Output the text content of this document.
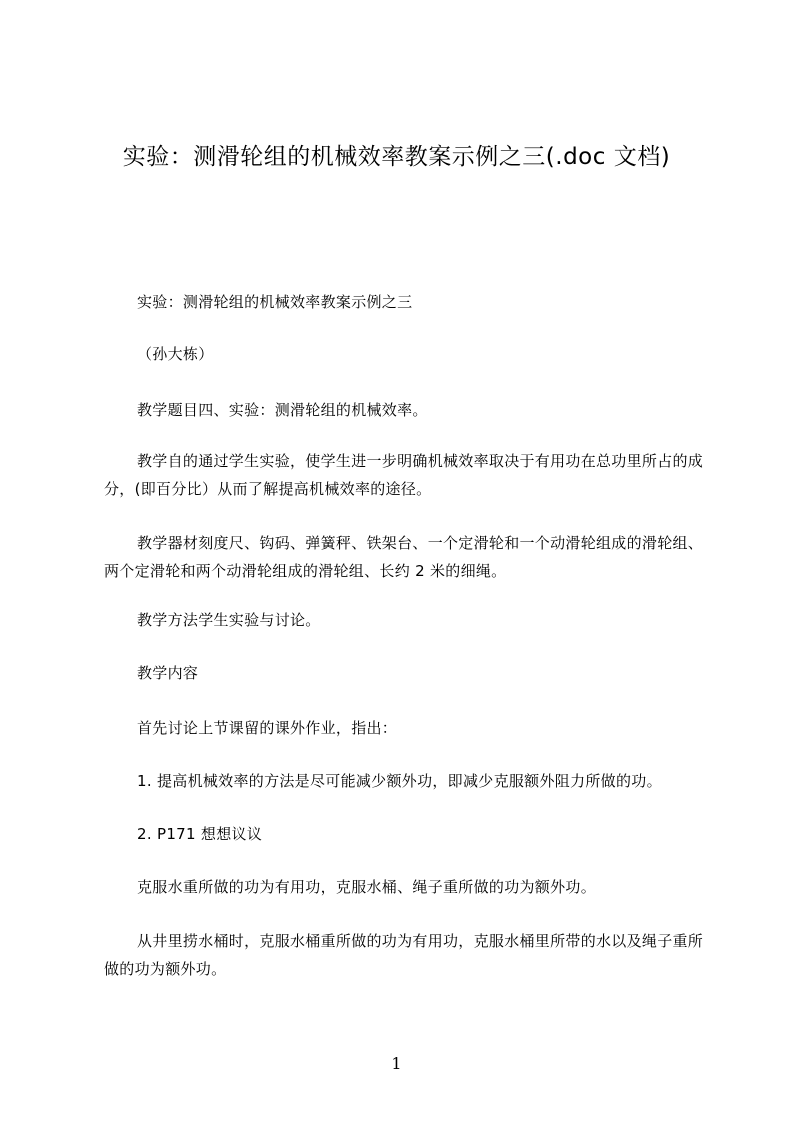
实验：测滑轮组的机械效率教案示例之三(.doc 文档)
实验：测滑轮组的机械效率教案示例之三
（孙大栋）
教学题目四、实验：测滑轮组的机械效率。
教学自的通过学生实验，使学生进一步明确机械效率取决于有用功在总功里所占的成分，(即百分比）从而了解提高机械效率的途径。
教学器材刻度尺、钩码、弹簧秤、铁架台、一个定滑轮和一个动滑轮组成的滑轮组、两个定滑轮和两个动滑轮组成的滑轮组、长约 2 米的细绳。
教学方法学生实验与讨论。
教学内容
首先讨论上节课留的课外作业，指出：
1. 提高机械效率的方法是尽可能减少额外功，即减少克服额外阻力所做的功。
2. P171 想想议议
克服水重所做的功为有用功，克服水桶、绳子重所做的功为额外功。
从井里捞水桶时，克服水桶重所做的功为有用功，克服水桶里所带的水以及绳子重所做的功为额外功。
1
